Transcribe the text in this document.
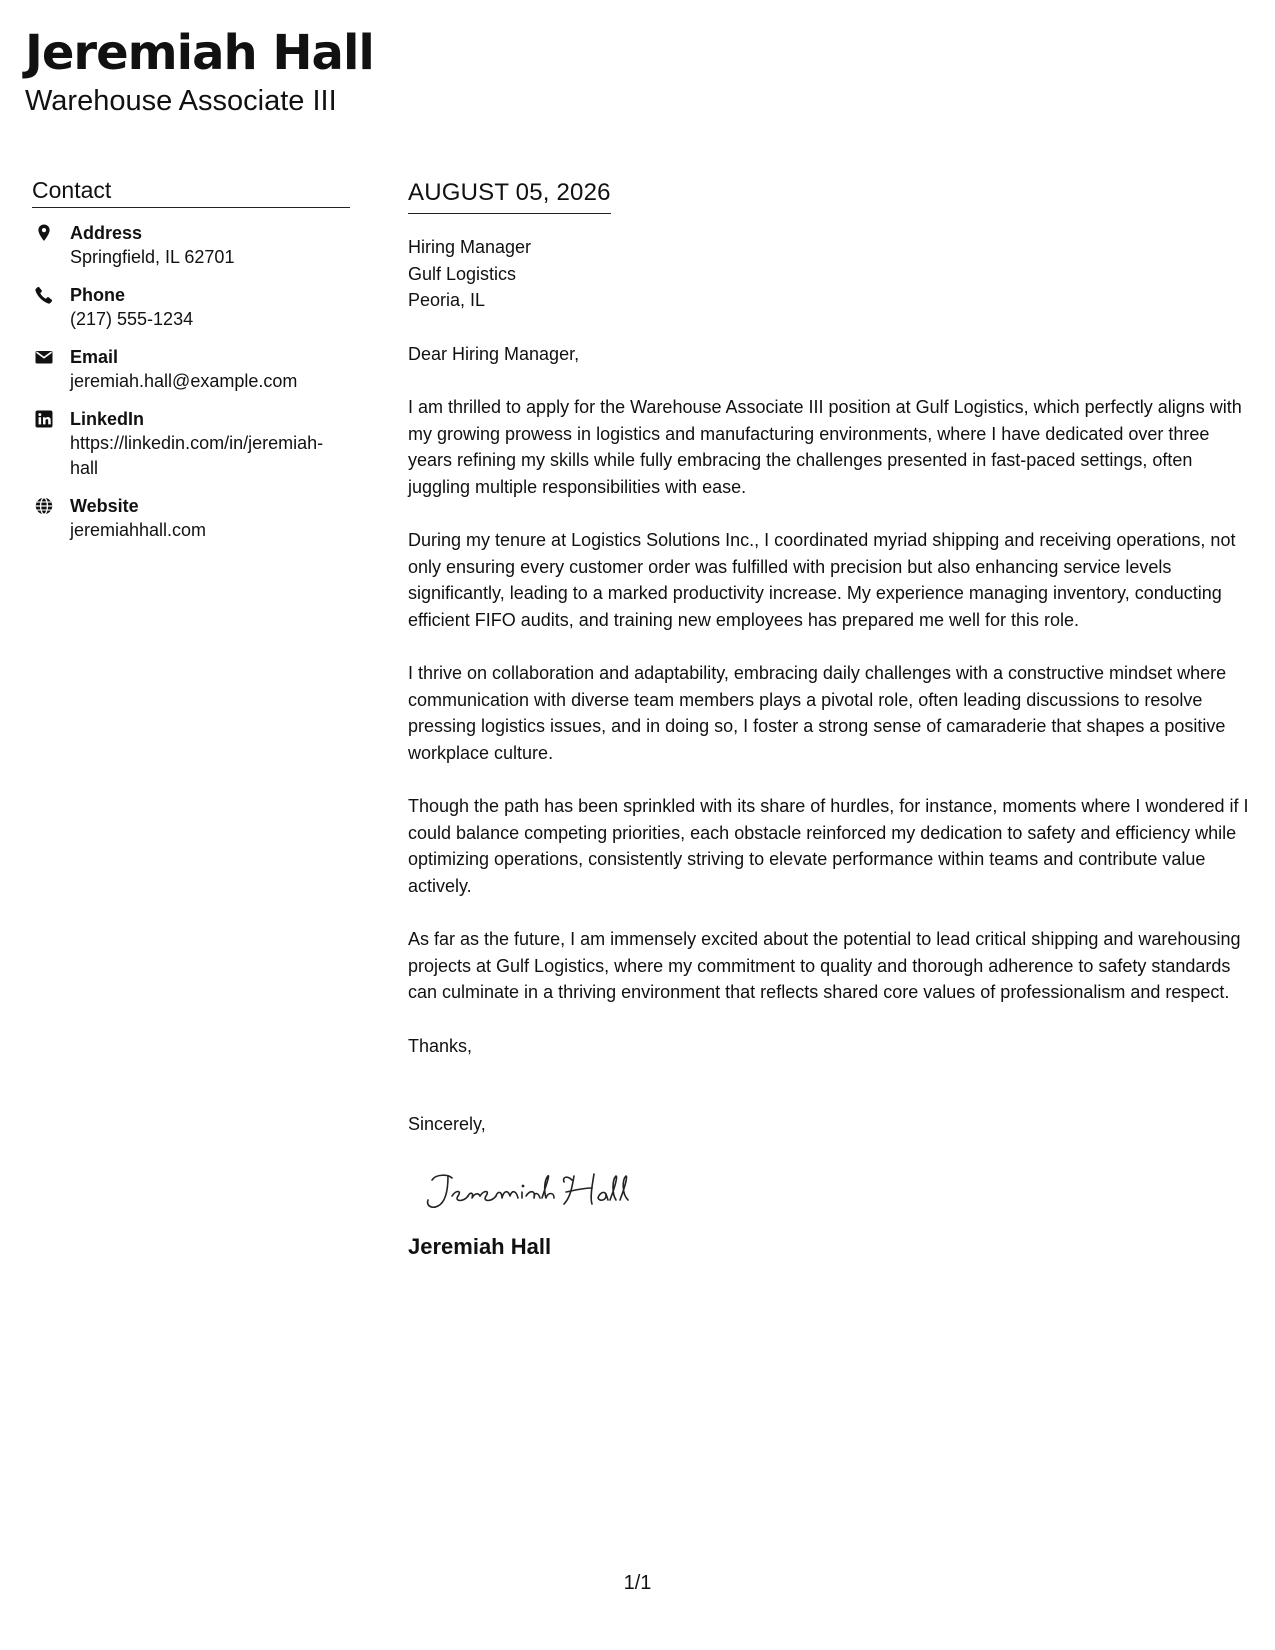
Jeremiah Hall
Warehouse Associate III
Contact
Address
Springfield, IL 62701
Phone
(217) 555-1234
Email
jeremiah.hall@example.com
LinkedIn
https://linkedin.com/in/jeremiah-hall
Website
jeremiahhall.com
AUGUST 05, 2026
Hiring Manager
Gulf Logistics
Peoria, IL
Dear Hiring Manager,

I am thrilled to apply for the Warehouse Associate III position at Gulf Logistics, which perfectly aligns with my growing prowess in logistics and manufacturing environments, where I have dedicated over three years refining my skills while fully embracing the challenges presented in fast-paced settings, often juggling multiple responsibilities with ease.

During my tenure at Logistics Solutions Inc., I coordinated myriad shipping and receiving operations, not only ensuring every customer order was fulfilled with precision but also enhancing service levels significantly, leading to a marked productivity increase. My experience managing inventory, conducting efficient FIFO audits, and training new employees has prepared me well for this role.

I thrive on collaboration and adaptability, embracing daily challenges with a constructive mindset where communication with diverse team members plays a pivotal role, often leading discussions to resolve pressing logistics issues, and in doing so, I foster a strong sense of camaraderie that shapes a positive workplace culture.

Though the path has been sprinkled with its share of hurdles, for instance, moments where I wondered if I could balance competing priorities, each obstacle reinforced my dedication to safety and efficiency while optimizing operations, consistently striving to elevate performance within teams and contribute value actively.

As far as the future, I am immensely excited about the potential to lead critical shipping and warehousing projects at Gulf Logistics, where my commitment to quality and thorough adherence to safety standards can culminate in a thriving environment that reflects shared core values of professionalism and respect.

Thanks,
Sincerely,
Jeremiah Hall
1/1
